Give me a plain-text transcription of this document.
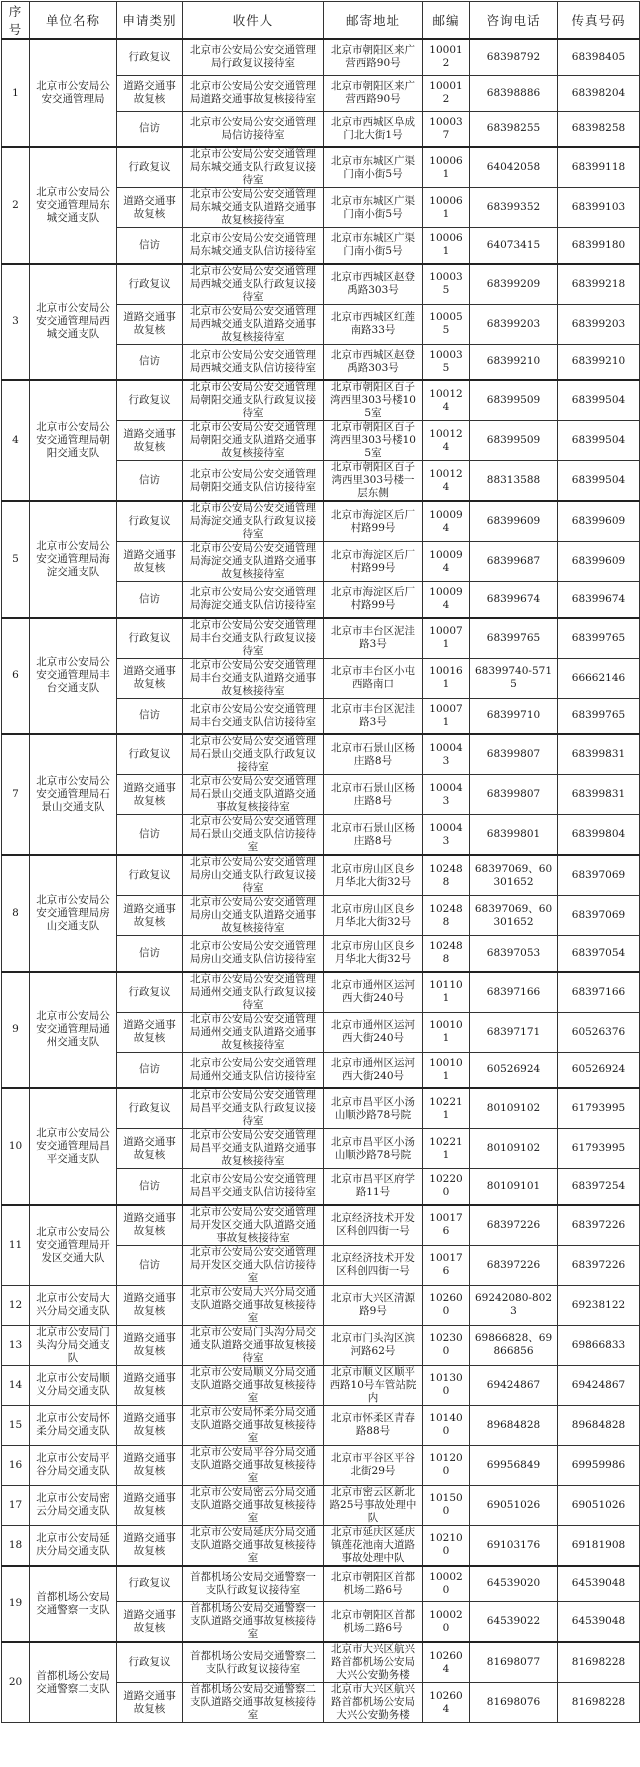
序号	单位名称	申请类别	收件人	邮寄地址	邮编	咨询电话	传真号码
1	北京市公安局公安交通管理局	行政复议	北京市公安局公安交通管理局行政复议接待室	北京市朝阳区来广营西路90号	100012	68398792	68398405
		道路交通事故复核	北京市公安局公安交通管理局道路交通事故复核接待室	北京市朝阳区来广营西路90号	100012	68398886	68398204
		信访	北京市公安局公安交通管理局信访接待室	北京市西城区阜成门北大街1号	100037	68398255	68398258
2	北京市公安局公安交通管理局东城交通支队	行政复议	北京市公安局公安交通管理局东城交通支队行政复议接待室	北京市东城区广渠门南小街5号	100061	64042058	68399118
		道路交通事故复核	北京市公安局公安交通管理局东城交通支队道路交通事故复核接待室	北京市东城区广渠门南小街5号	100061	68399352	68399103
		信访	北京市公安局公安交通管理局东城交通支队信访接待室	北京市东城区广渠门南小街5号	100061	64073415	68399180
3	北京市公安局公安交通管理局西城交通支队	行政复议	北京市公安局公安交通管理局西城交通支队行政复议接待室	北京市西城区赵登禹路303号	100035	68399209	68399218
		道路交通事故复核	北京市公安局公安交通管理局西城交通支队道路交通事故复核接待室	北京市西城区红莲南路33号	100055	68399203	68399203
		信访	北京市公安局公安交通管理局西城交通支队信访接待室	北京市西城区赵登禹路303号	100035	68399210	68399210
4	北京市公安局公安交通管理局朝阳交通支队	行政复议	北京市公安局公安交通管理局朝阳交通支队行政复议接待室	北京市朝阳区百子湾西里303号楼105室	100124	68399509	68399504
		道路交通事故复核	北京市公安局公安交通管理局朝阳交通支队道路交通事故复核接待室	北京市朝阳区百子湾西里303号楼105室	100124	68399509	68399504
		信访	北京市公安局公安交通管理局朝阳交通支队信访接待室	北京市朝阳区百子湾西里303号楼一层东侧	100124	88313588	68399504
5	北京市公安局公安交通管理局海淀交通支队	行政复议	北京市公安局公安交通管理局海淀交通支队行政复议接待室	北京市海淀区后厂村路99号	100094	68399609	68399609
		道路交通事故复核	北京市公安局公安交通管理局海淀交通支队道路交通事故复核接待室	北京市海淀区后厂村路99号	100094	68399687	68399609
		信访	北京市公安局公安交通管理局海淀交通支队信访接待室	北京市海淀区后厂村路99号	100094	68399674	68399674
6	北京市公安局公安交通管理局丰台交通支队	行政复议	北京市公安局公安交通管理局丰台交通支队行政复议接待室	北京市丰台区泥洼路3号	100071	68399765	68399765
		道路交通事故复核	北京市公安局公安交通管理局丰台交通支队道路交通事故复核接待室	北京市丰台区小屯西路南口	100161	68399740-5715	66662146
		信访	北京市公安局公安交通管理局丰台交通支队信访接待室	北京市丰台区泥洼路3号	100071	68399710	68399765
7	北京市公安局公安交通管理局石景山交通支队	行政复议	北京市公安局公安交通管理局石景山交通支队行政复议接待室	北京市石景山区杨庄路8号	100043	68399807	68399831
		道路交通事故复核	北京市公安局公安交通管理局石景山交通支队道路交通事故复核接待室	北京市石景山区杨庄路8号	100043	68399807	68399831
		信访	北京市公安局公安交通管理局石景山交通支队信访接待室	北京市石景山区杨庄路8号	100043	68399801	68399804
8	北京市公安局公安交通管理局房山交通支队	行政复议	北京市公安局公安交通管理局房山交通支队行政复议接待室	北京市房山区良乡月华北大街32号	102488	68397069、60301652	68397069
		道路交通事故复核	北京市公安局公安交通管理局房山交通支队道路交通事故复核接待室	北京市房山区良乡月华北大街32号	102488	68397069、60301652	68397069
		信访	北京市公安局公安交通管理局房山交通支队信访接待室	北京市房山区良乡月华北大街32号	102488	68397053	68397054
9	北京市公安局公安交通管理局通州交通支队	行政复议	北京市公安局公安交通管理局通州交通支队行政复议接待室	北京市通州区运河西大街240号	101101	68397166	68397166
		道路交通事故复核	北京市公安局公安交通管理局通州交通支队道路交通事故复核接待室	北京市通州区运河西大街240号	100101	68397171	60526376
		信访	北京市公安局公安交通管理局通州交通支队信访接待室	北京市通州区运河西大街240号	100101	60526924	60526924
10	北京市公安局公安交通管理局昌平交通支队	行政复议	北京市公安局公安交通管理局昌平交通支队行政复议接待室	北京市昌平区小汤山顺沙路78号院	102211	80109102	61793995
		道路交通事故复核	北京市公安局公安交通管理局昌平交通支队道路交通事故复核接待室	北京市昌平区小汤山顺沙路78号院	102211	80109102	61793995
		信访	北京市公安局公安交通管理局昌平交通支队信访接待室	北京市昌平区府学路11号	102200	80109101	68397254
11	北京市公安局公安交通管理局开发区交通大队	道路交通事故复核	北京市公安局公安交通管理局开发区交通大队道路交通事故复核接待室	北京经济技术开发区科创四街一号	100176	68397226	68397226
		信访	北京市公安局公安交通管理局开发区交通大队信访接待室	北京经济技术开发区科创四街一号	100176	68397226	68397226
12	北京市公安局大兴分局交通支队	道路交通事故复核	北京市公安局大兴分局交通支队道路交通事故复核接待室	北京市大兴区清源路9号	102600	69242080-8023	69238122
13	北京市公安局门头沟分局交通支队	道路交通事故复核	北京市公安局门头沟分局交通支队道路交通事故复核接待室	北京市门头沟区滨河路62号	102300	69866828、69866856	69866833
14	北京市公安局顺义分局交通支队	道路交通事故复核	北京市公安局顺义分局交通支队道路交通事故复核接待室	北京市顺义区顺平西路10号车管站院内	101300	69424867	69424867
15	北京市公安局怀柔分局交通支队	道路交通事故复核	北京市公安局怀柔分局交通支队道路交通事故复核接待室	北京市怀柔区青春路88号	101400	89684828	89684828
16	北京市公安局平谷分局交通支队	道路交通事故复核	北京市公安局平谷分局交通支队道路交通事故复核接待室	北京市平谷区平谷北街29号	101200	69956849	69959986
17	北京市公安局密云分局交通支队	道路交通事故复核	北京市公安局密云分局交通支队道路交通事故复核接待室	北京市密云区新北路25号事故处理中队	101500	69051026	69051026
18	北京市公安局延庆分局交通支队	道路交通事故复核	北京市公安局延庆分局交通支队道路交通事故复核接待室	北京市延庆区延庆镇莲花池南大道路事故处理中队	102100	69103176	69181908
19	首都机场公安局交通警察一支队	行政复议	首都机场公安局交通警察一支队行政复议接待室	北京市朝阳区首都机场二路6号	100020	64539020	64539048
		道路交通事故复核	首都机场公安局交通警察一支队道路交通事故复核接待室	北京市朝阳区首都机场二路6号	100020	64539022	64539048
20	首都机场公安局交通警察二支队	行政复议	首都机场公安局交通警察二支队行政复议接待室	北京市大兴区航兴路首都机场公安局大兴公安勤务楼	102604	81698077	81698228
		道路交通事故复核	首都机场公安局交通警察二支队道路交通事故复核接待室	北京市大兴区航兴路首都机场公安局大兴公安勤务楼	102604	81698076	81698228
